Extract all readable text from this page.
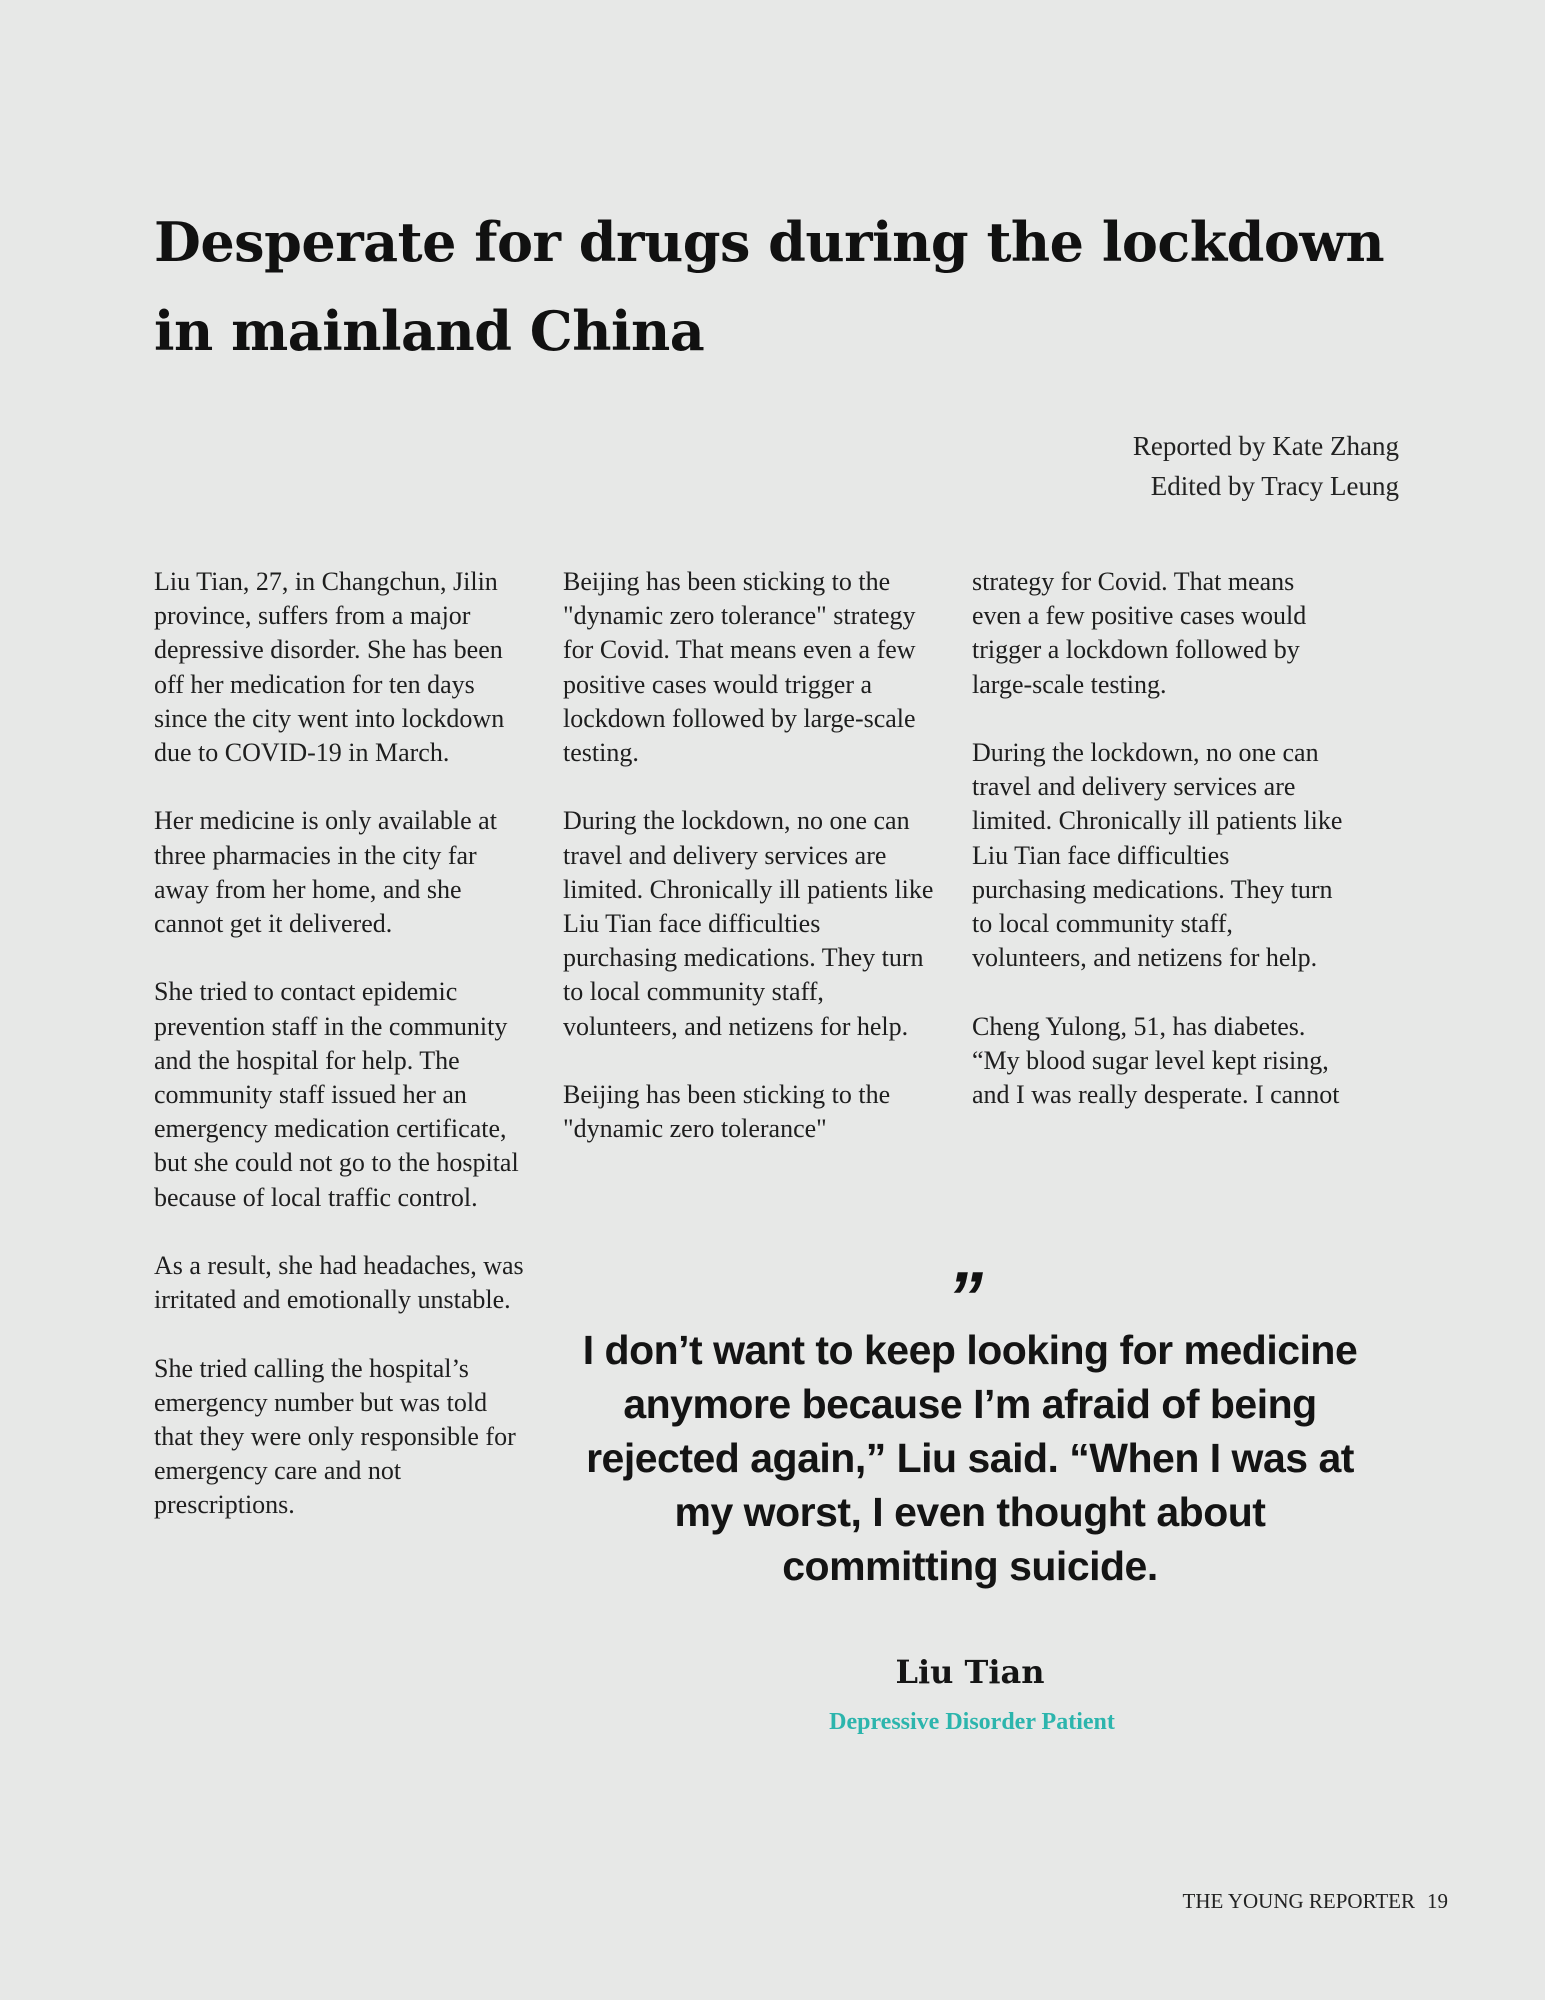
Desperate for drugs during the lockdown in mainland China
Reported by Kate Zhang
Edited by Tracy Leung

Liu Tian, 27, in Changchun, Jilin province, suffers from a major depressive disorder. She has been off her medication for ten days since the city went into lockdown due to COVID-19 in March.

Her medicine is only available at three pharmacies in the city far away from her home, and she cannot get it delivered.

She tried to contact epidemic prevention staff in the community and the hospital for help. The community staff issued her an emergency medication certificate, but she could not go to the hospital because of local traffic control.

As a result, she had headaches, was irritated and emotionally unstable.

She tried calling the hospital’s emergency number but was told that they were only responsible for emergency care and not prescriptions.

Beijing has been sticking to the "dynamic zero tolerance" strategy for Covid. That means even a few positive cases would trigger a lockdown followed by large-scale testing.

During the lockdown, no one can travel and delivery services are limited. Chronically ill patients like Liu Tian face difficulties purchasing medications. They turn to local community staff, volunteers, and netizens for help.

Beijing has been sticking to the "dynamic zero tolerance"

strategy for Covid. That means even a few positive cases would trigger a lockdown followed by large-scale testing.

During the lockdown, no one can travel and delivery services are limited. Chronically ill patients like Liu Tian face difficulties purchasing medications. They turn to local community staff, volunteers, and netizens for help.

Cheng Yulong, 51, has diabetes. “My blood sugar level kept rising, and I was really desperate. I cannot

”
I don’t want to keep looking for medicine anymore because I’m afraid of being rejected again,” Liu said. “When I was at my worst, I even thought about committing suicide.
Liu Tian
Depressive Disorder Patient
THE YOUNG REPORTER 19
